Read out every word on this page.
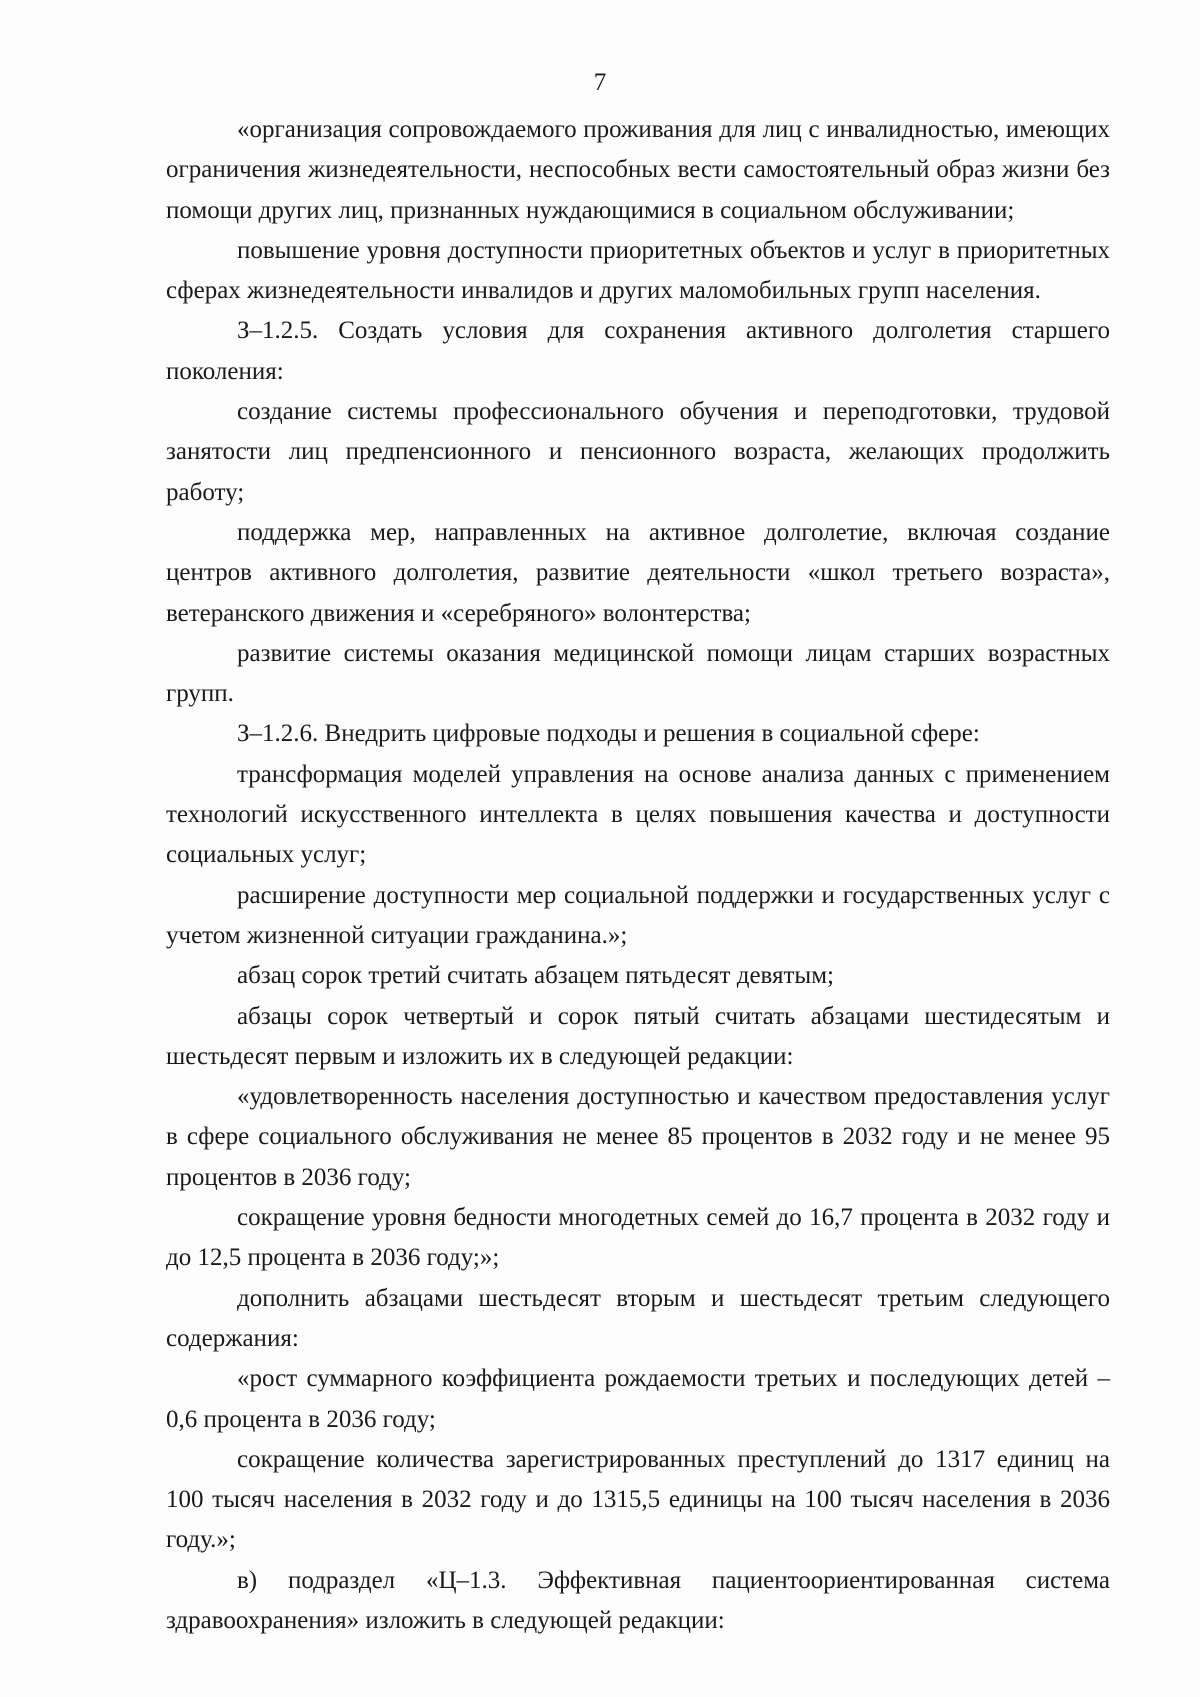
7

«организация сопровождаемого проживания для лиц с инвалидностью, имеющих ограничения жизнедеятельности, неспособных вести самостоятельный образ жизни без помощи других лиц, признанных нуждающимися в социальном обслуживании;

повышение уровня доступности приоритетных объектов и услуг в приоритетных сферах жизнедеятельности инвалидов и других маломобильных групп населения.

З–1.2.5. Создать условия для сохранения активного долголетия старшего поколения:

создание системы профессионального обучения и переподготовки, трудовой занятости лиц предпенсионного и пенсионного возраста, желающих продолжить работу;

поддержка мер, направленных на активное долголетие, включая создание центров активного долголетия, развитие деятельности «школ третьего возраста», ветеранского движения и «серебряного» волонтерства;

развитие системы оказания медицинской помощи лицам старших возрастных групп.

З–1.2.6. Внедрить цифровые подходы и решения в социальной сфере:

трансформация моделей управления на основе анализа данных с применением технологий искусственного интеллекта в целях повышения качества и доступности социальных услуг;

расширение доступности мер социальной поддержки и государственных услуг с учетом жизненной ситуации гражданина.»;

абзац сорок третий считать абзацем пятьдесят девятым;

абзацы сорок четвертый и сорок пятый считать абзацами шестидесятым и шестьдесят первым и изложить их в следующей редакции:

«удовлетворенность населения доступностью и качеством предоставления услуг в сфере социального обслуживания не менее 85 процентов в 2032 году и не менее 95 процентов в 2036 году;

сокращение уровня бедности многодетных семей до 16,7 процента в 2032 году и до 12,5 процента в 2036 году;»;

дополнить абзацами шестьдесят вторым и шестьдесят третьим следующего содержания:

«рост суммарного коэффициента рождаемости третьих и последующих детей – 0,6 процента в 2036 году;

сокращение количества зарегистрированных преступлений до 1317 единиц на 100 тысяч населения в 2032 году и до 1315,5 единицы на 100 тысяч населения в 2036 году.»;

в) подраздел «Ц–1.3. Эффективная пациентоориентированная система здравоохранения» изложить в следующей редакции:
